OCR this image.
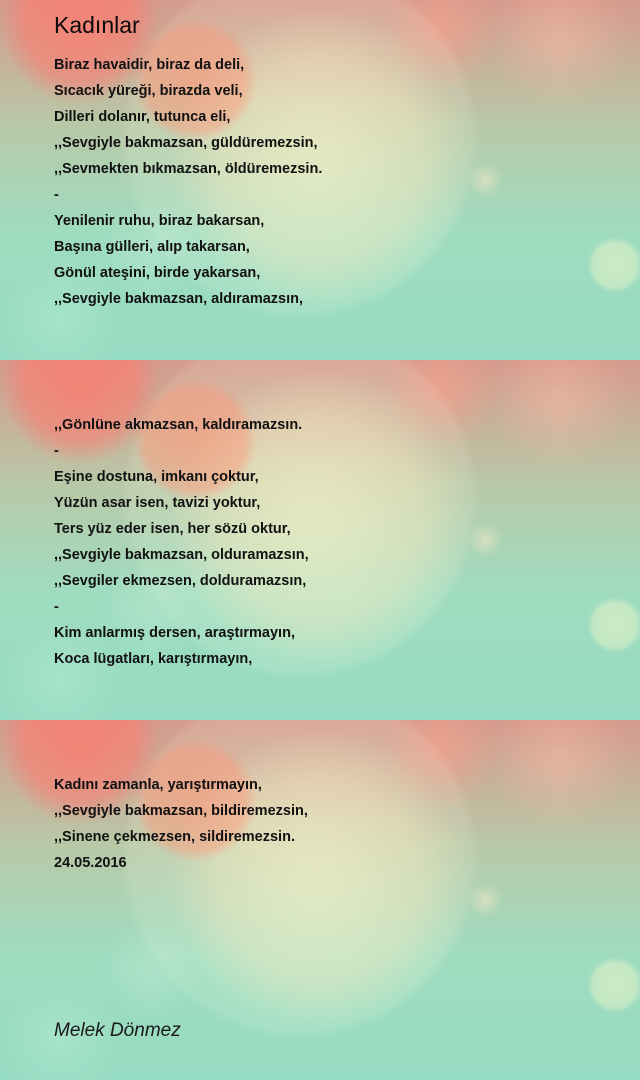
Kadınlar
Biraz havaidir, biraz da deli,
Sıcacık yüreği, birazda veli,
Dilleri dolanır, tutunca eli,
,,Sevgiyle bakmazsan, güldüremezsin,
,,Sevmekten bıkmazsan, öldüremezsin.
-
Yenilenir ruhu, biraz bakarsan,
Başına gülleri, alıp takarsan,
Gönül ateşini, birde yakarsan,
,,Sevgiyle bakmazsan, aldıramazsın,
,,Gönlüne akmazsan, kaldıramazsın.
-
Eşine dostuna, imkanı çoktur,
Yüzün asar isen, tavizi yoktur,
Ters yüz eder isen, her sözü oktur,
,,Sevgiyle bakmazsan, olduramazsın,
,,Sevgiler ekmezsen, dolduramazsın,
-
Kim anlarmış dersen, araştırmayın,
Koca lügatları, karıştırmayın,
Kadını zamanla, yarıştırmayın,
,,Sevgiyle bakmazsan, bildiremezsin,
,,Sinene çekmezsen, sildiremezsin.
24.05.2016
Melek Dönmez
